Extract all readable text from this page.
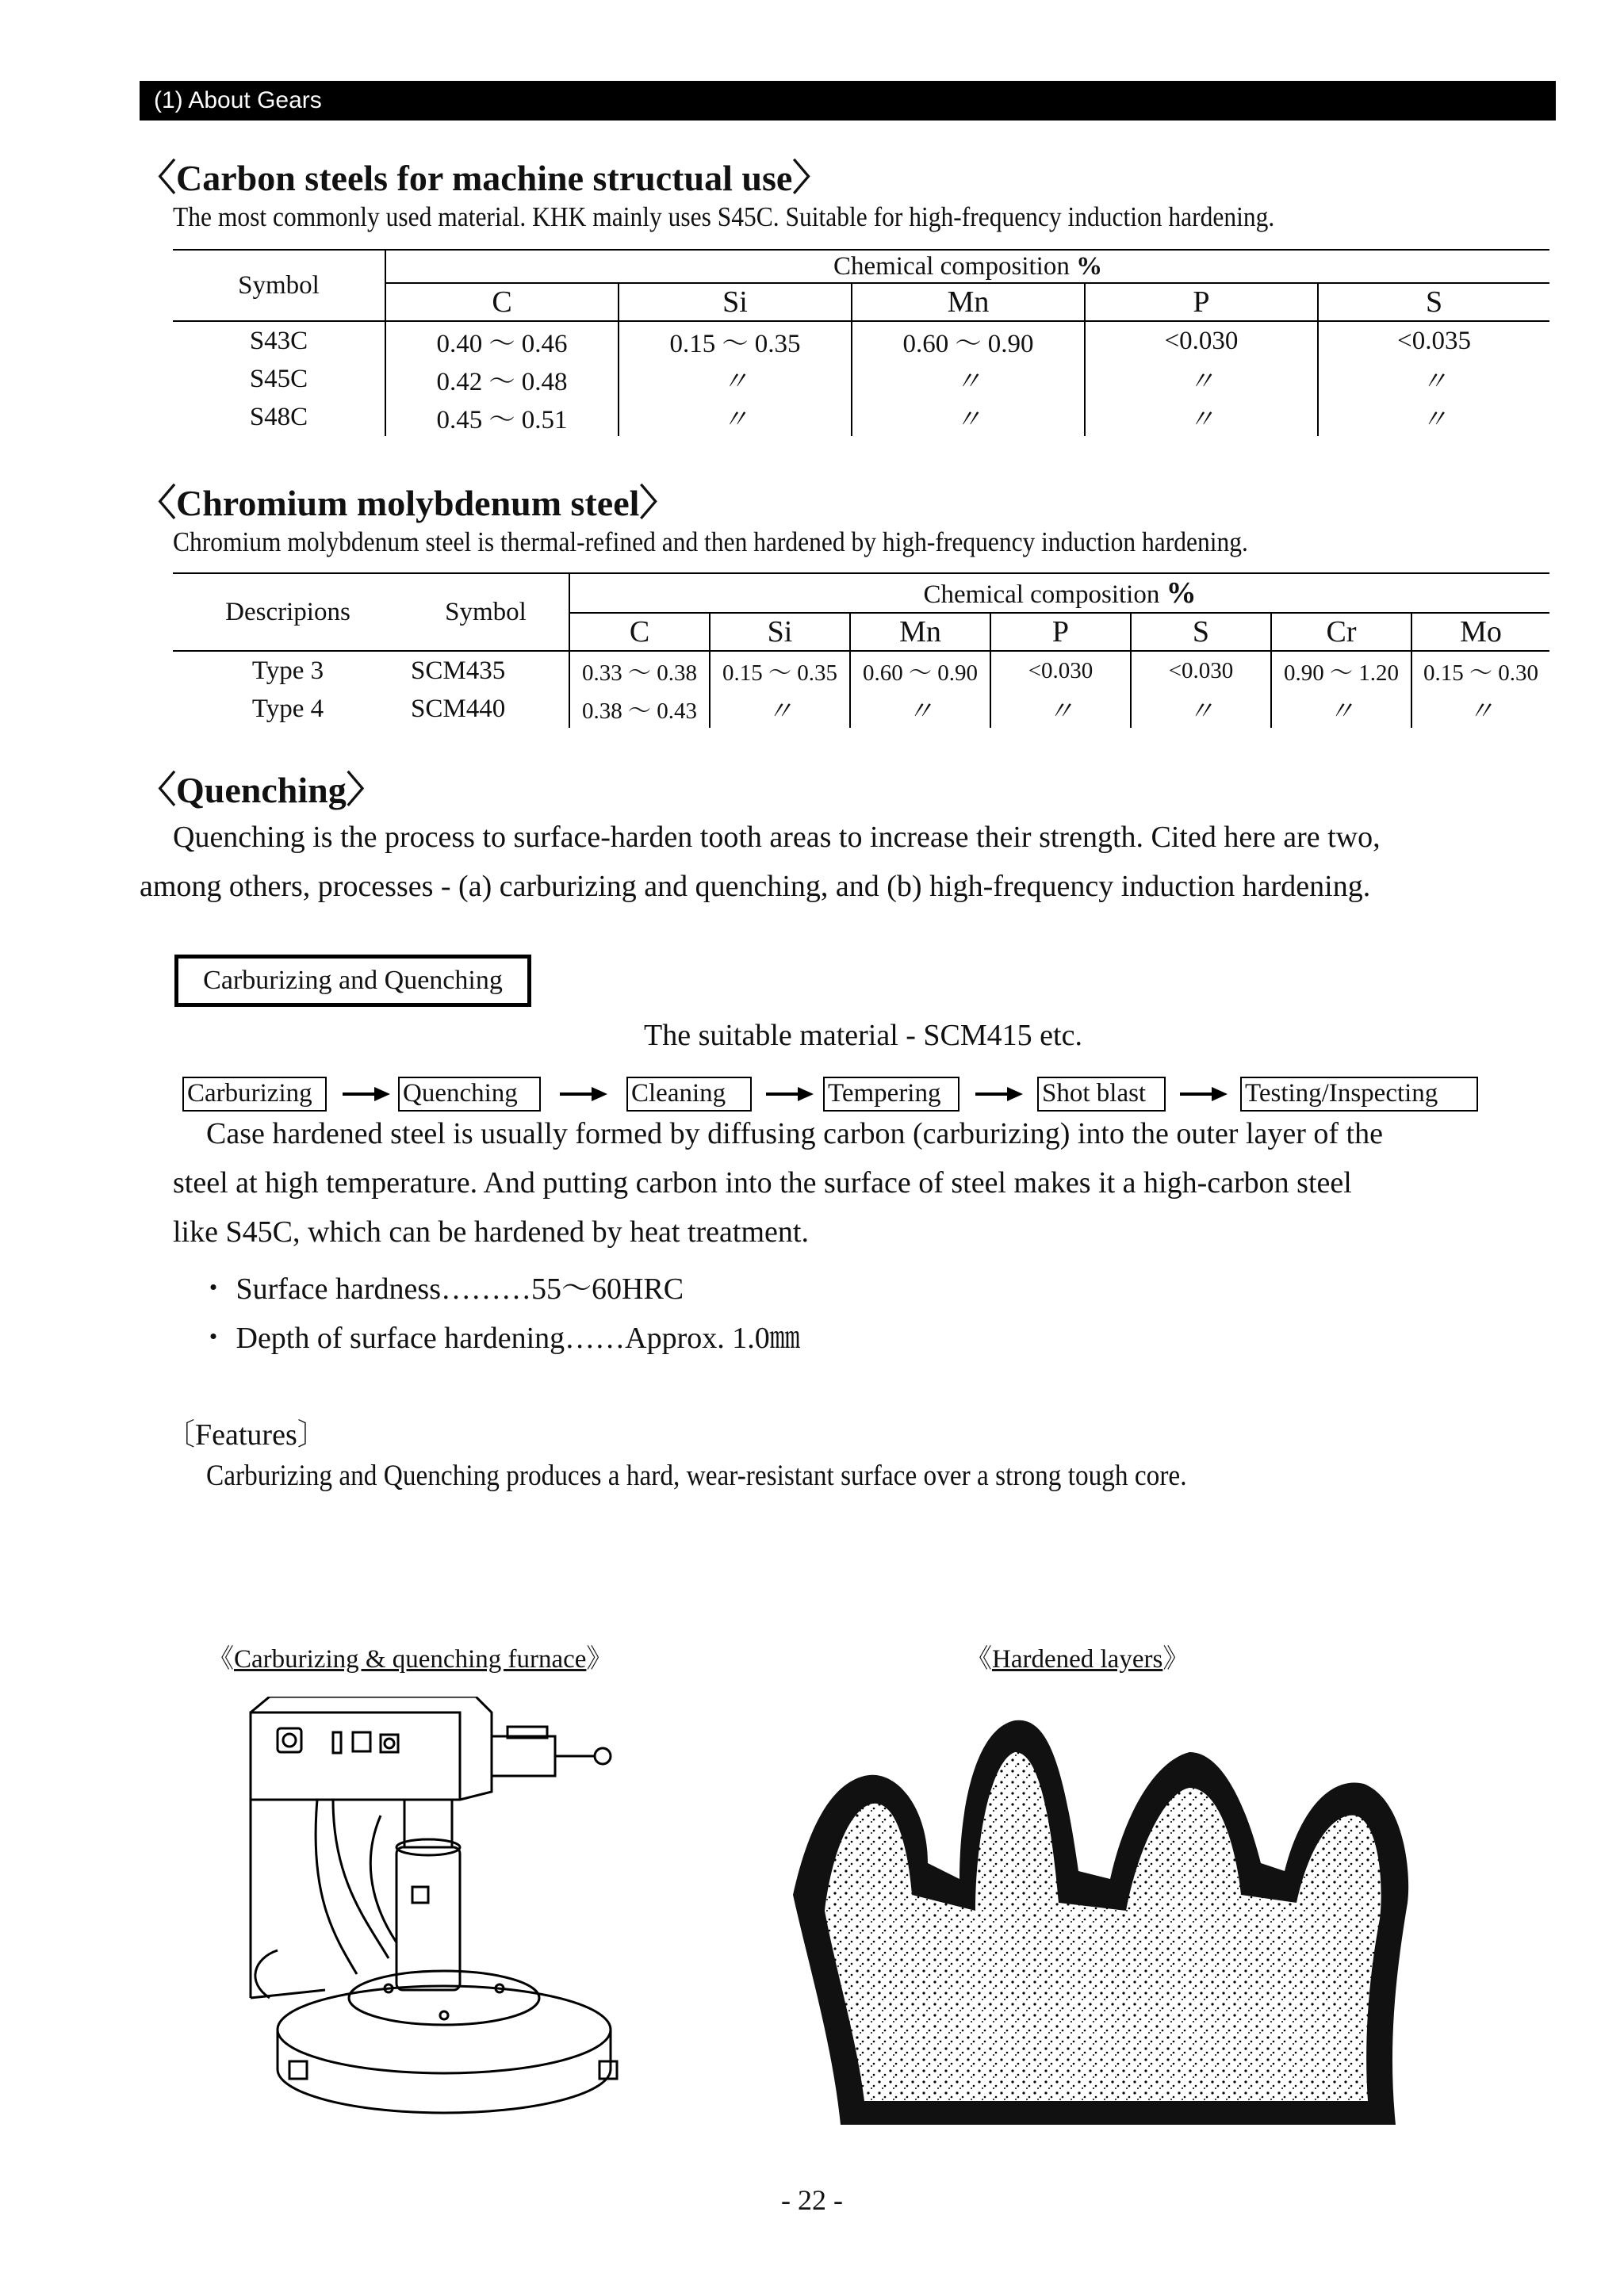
(1) About Gears
〈Carbon steels for machine structual use〉
The most commonly used material. KHK mainly uses S45C. Suitable for high-frequency induction hardening.
Symbol	Chemical composition %				
	C	Si	Mn	P	S
S43C	0.40 ～ 0.46	0.15 ～ 0.35	0.60 ～ 0.90	<0.030	<0.035
S45C	0.42 ～ 0.48	〃	〃	〃	〃
S48C	0.45 ～ 0.51	〃	〃	〃	〃
〈Chromium molybdenum steel〉
Chromium molybdenum steel is thermal-refined and then hardened by high-frequency induction hardening.
Descripions	Symbol	Chemical composition %						
		C	Si	Mn	P	S	Cr	Mo
Type 3	SCM435	0.33 ～ 0.38	0.15 ～ 0.35	0.60 ～ 0.90	<0.030	<0.030	0.90 ～ 1.20	0.15 ～ 0.30
Type 4	SCM440	0.38 ～ 0.43	〃	〃	〃	〃	〃	〃
〈Quenching〉
Quenching is the process to surface-harden tooth areas to increase their strength. Cited here are two,
among others, processes - (a) carburizing and quenching, and (b) high-frequency induction hardening.
Carburizing and Quenching
The suitable material - SCM415 etc.
Carburizing	Quenching	Cleaning	Tempering	Shot blast	Testing/Inspecting
Case hardened steel is usually formed by diffusing carbon (carburizing) into the outer layer of the
steel at high temperature. And putting carbon into the surface of steel makes it a high-carbon steel
like S45C, which can be hardened by heat treatment.
・ Surface hardness………55～60HRC
・ Depth of surface hardening……Approx. 1.0㎜
〔Features〕
Carburizing and Quenching produces a hard, wear-resistant surface over a strong tough core.
《Carburizing & quenching furnace》	《Hardened layers》
- 22 -
